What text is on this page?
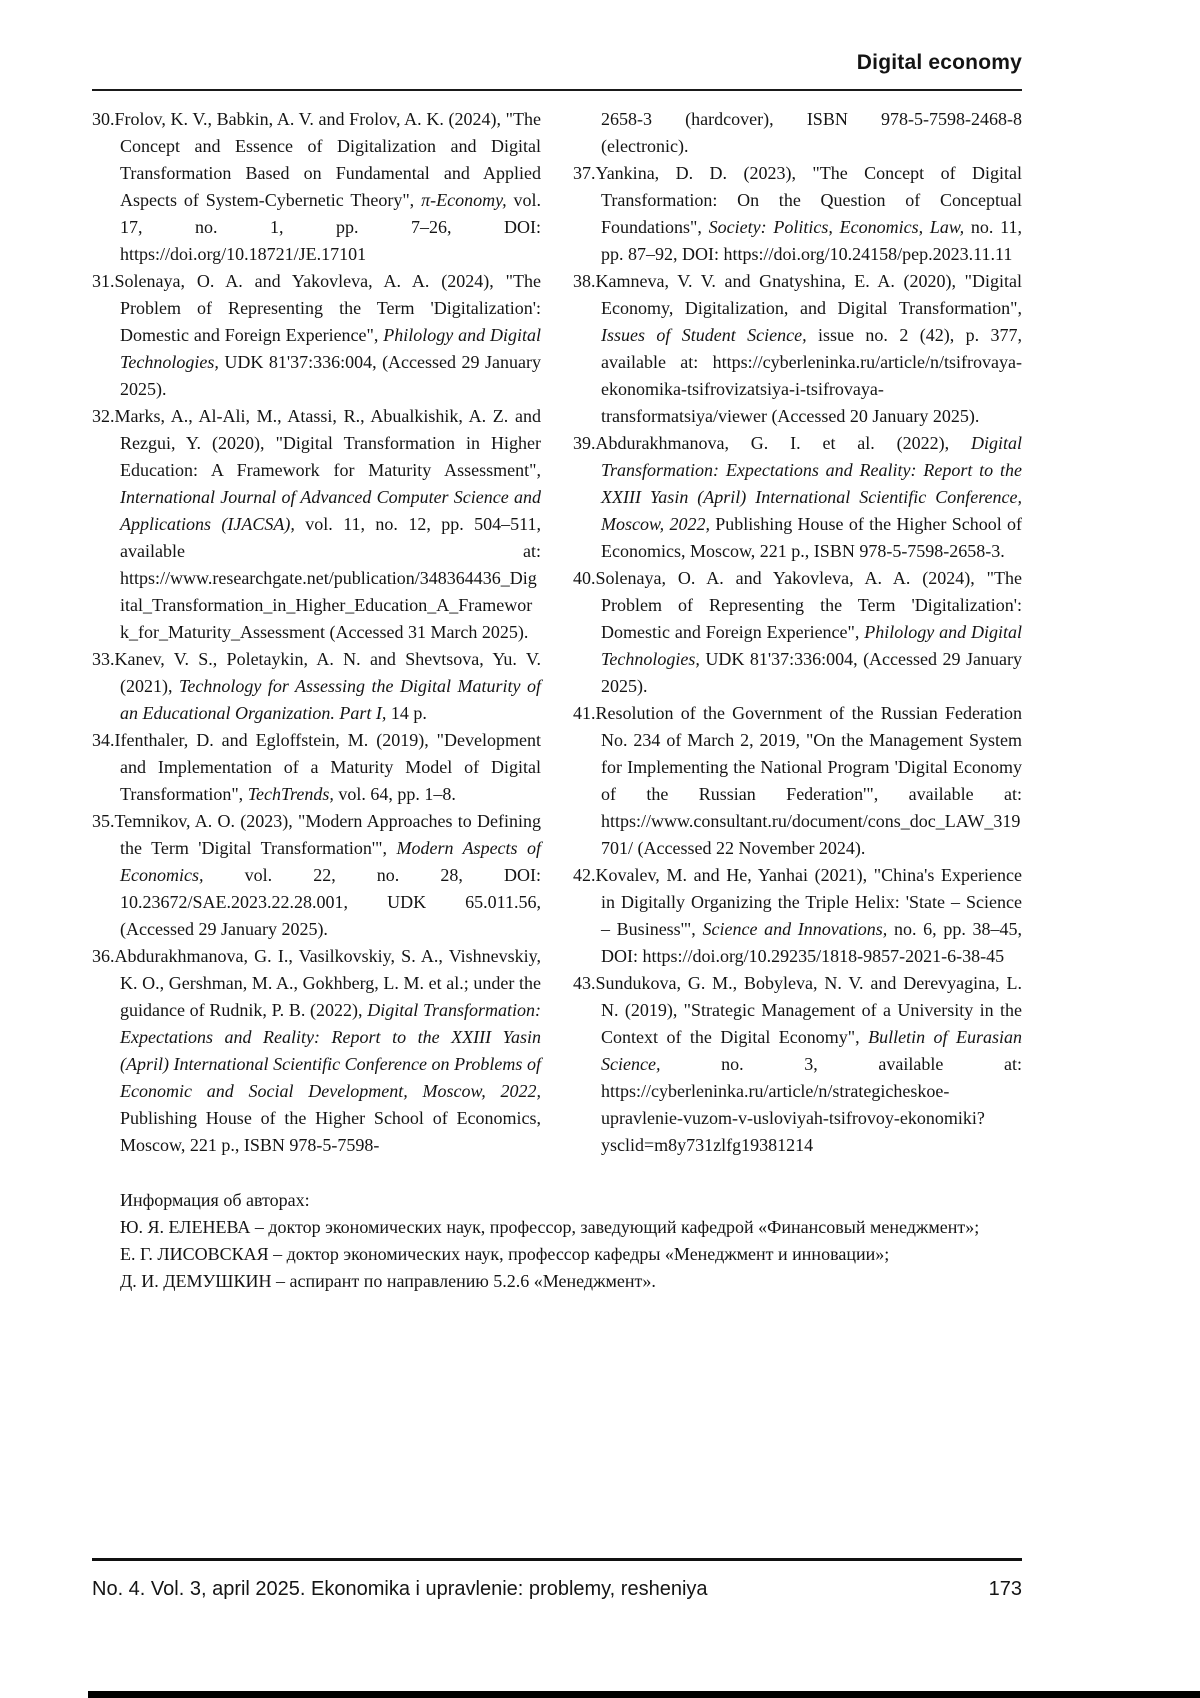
Digital economy

30.Frolov, K. V., Babkin, A. V. and Frolov, A. K. (2024), "The Concept and Essence of Digitalization and Digital Transformation Based on Fundamental and Applied Aspects of System-Cybernetic Theory", π-Economy, vol. 17, no. 1, pp. 7–26, DOI: https://doi.org/10.18721/JE.17101

31.Solenaya, O. A. and Yakovleva, A. A. (2024), "The Problem of Representing the Term 'Digitalization': Domestic and Foreign Experience", Philology and Digital Technologies, UDK 81'37:336:004, (Accessed 29 January 2025).

32.Marks, A., Al-Ali, M., Atassi, R., Abualkishik, A. Z. and Rezgui, Y. (2020), "Digital Transformation in Higher Education: A Framework for Maturity Assessment", International Journal of Advanced Computer Science and Applications (IJACSA), vol. 11, no. 12, pp. 504–511, available at: https://www.researchgate.net/publication/348364436_Digital_Transformation_in_Higher_Education_A_Framework_for_Maturity_Assessment (Accessed 31 March 2025).

33.Kanev, V. S., Poletaykin, A. N. and Shevtsova, Yu. V. (2021), Technology for Assessing the Digital Maturity of an Educational Organization. Part I, 14 p.

34.Ifenthaler, D. and Egloffstein, M. (2019), "Development and Implementation of a Maturity Model of Digital Transformation", TechTrends, vol. 64, pp. 1–8.

35.Temnikov, A. O. (2023), "Modern Approaches to Defining the Term 'Digital Transformation'", Modern Aspects of Economics, vol. 22, no. 28, DOI: 10.23672/SAE.2023.22.28.001, UDK 65.011.56, (Accessed 29 January 2025).

36.Abdurakhmanova, G. I., Vasilkovskiy, S. A., Vishnevskiy, K. O., Gershman, M. A., Gokhberg, L. M. et al.; under the guidance of Rudnik, P. B. (2022), Digital Transformation: Expectations and Reality: Report to the XXIII Yasin (April) International Scientific Conference on Problems of Economic and Social Development, Moscow, 2022, Publishing House of the Higher School of Economics, Moscow, 221 p., ISBN 978-5-7598-

2658-3 (hardcover), ISBN 978-5-7598-2468-8 (electronic).

37.Yankina, D. D. (2023), "The Concept of Digital Transformation: On the Question of Conceptual Foundations", Society: Politics, Economics, Law, no. 11, pp. 87–92, DOI: https://doi.org/10.24158/pep.2023.11.11

38.Kamneva, V. V. and Gnatyshina, E. A. (2020), "Digital Economy, Digitalization, and Digital Transformation", Issues of Student Science, issue no. 2 (42), p. 377, available at: https://cyberleninka.ru/article/n/tsifrovaya-ekonomika-tsifrovizatsiya-i-tsifrovaya-transformatsiya/viewer (Accessed 20 January 2025).

39.Abdurakhmanova, G. I. et al. (2022), Digital Transformation: Expectations and Reality: Report to the XXIII Yasin (April) International Scientific Conference, Moscow, 2022, Publishing House of the Higher School of Economics, Moscow, 221 p., ISBN 978-5-7598-2658-3.

40.Solenaya, O. A. and Yakovleva, A. A. (2024), "The Problem of Representing the Term 'Digitalization': Domestic and Foreign Experience", Philology and Digital Technologies, UDK 81'37:336:004, (Accessed 29 January 2025).

41.Resolution of the Government of the Russian Federation No. 234 of March 2, 2019, "On the Management System for Implementing the National Program 'Digital Economy of the Russian Federation'", available at: https://www.consultant.ru/document/cons_doc_LAW_319701/ (Accessed 22 November 2024).

42.Kovalev, M. and He, Yanhai (2021), "China's Experience in Digitally Organizing the Triple Helix: 'State – Science – Business'", Science and Innovations, no. 6, pp. 38–45, DOI: https://doi.org/10.29235/1818-9857-2021-6-38-45

43.Sundukova, G. M., Bobyleva, N. V. and Derevyagina, L. N. (2019), "Strategic Management of a University in the Context of the Digital Economy", Bulletin of Eurasian Science, no. 3, available at: https://cyberleninka.ru/article/n/strategicheskoe-upravlenie-vuzom-v-usloviyah-tsifrovoy-ekonomiki?ysclid=m8y731zlfg19381214

Информация об авторах:

Ю. Я. ЕЛЕНЕВА – доктор экономических наук, профессор, заведующий кафедрой «Финансовый менеджмент»;

Е. Г. ЛИСОВСКАЯ – доктор экономических наук, профессор кафедры «Менеджмент и инновации»;

Д. И. ДЕМУШКИН – аспирант по направлению 5.2.6 «Менеджмент».

No. 4. Vol. 3, april 2025. Ekonomika i upravlenie: problemy, resheniya	173
